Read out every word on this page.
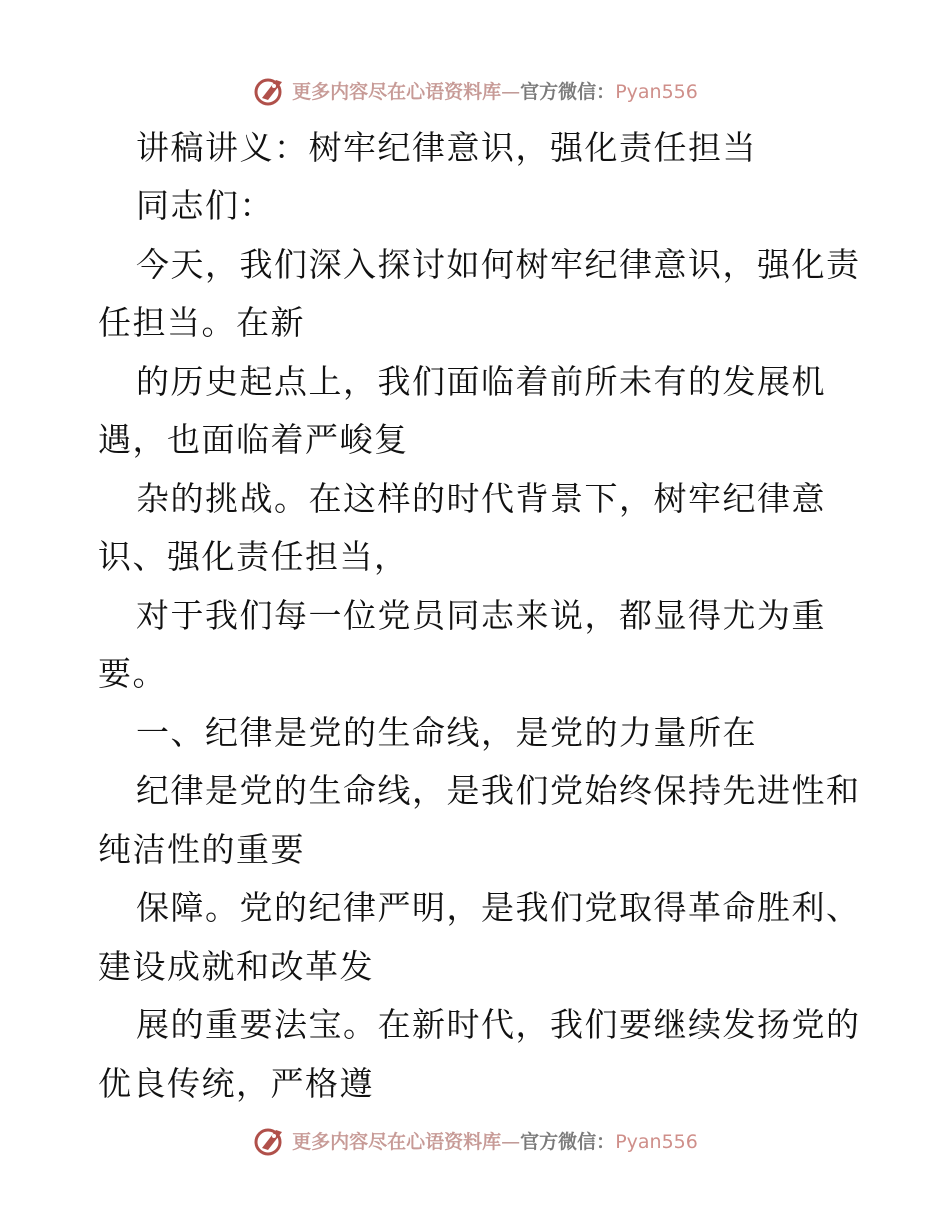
更多内容尽在心语资料库—官方微信：Pyan556
讲稿讲义：树牢纪律意识，强化责任担当
同志们：
今天，我们深入探讨如何树牢纪律意识，强化责
任担当。在新
的历史起点上，我们面临着前所未有的发展机
遇，也面临着严峻复
杂的挑战。在这样的时代背景下，树牢纪律意
识、强化责任担当，
对于我们每一位党员同志来说，都显得尤为重
要。
一、纪律是党的生命线，是党的力量所在
纪律是党的生命线，是我们党始终保持先进性和
纯洁性的重要
保障。党的纪律严明，是我们党取得革命胜利、
建设成就和改革发
展的重要法宝。在新时代，我们要继续发扬党的
优良传统，严格遵
更多内容尽在心语资料库—官方微信：Pyan556
